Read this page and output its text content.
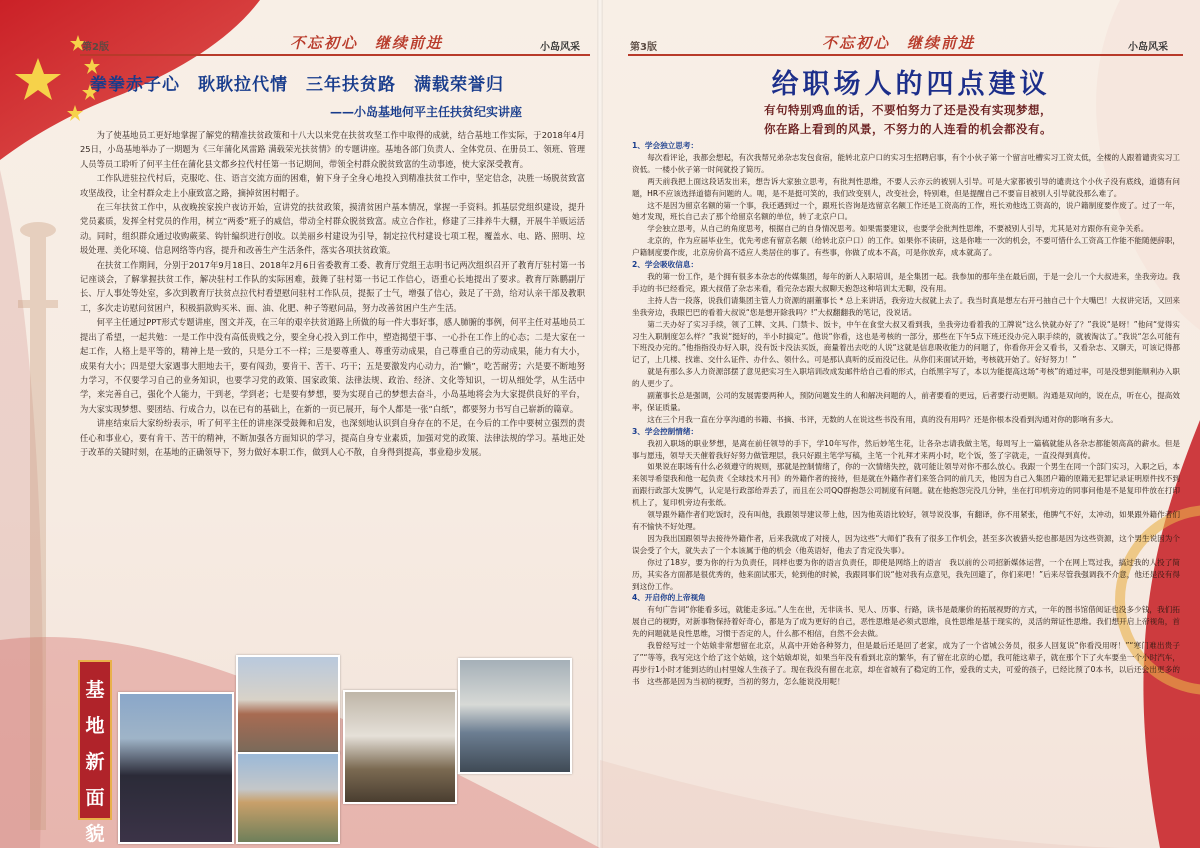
第2版	不忘初心　继续前进	小岛风采
拳拳赤子心　耿耿拉代情　三年扶贫路　满载荣誉归
——小岛基地何平主任扶贫纪实讲座

为了使基地员工更好地掌握了解党的精准扶贫政策和十八大以来党在扶贫攻坚工作中取得的成就，结合基地工作实际，于2018年4月25日，小岛基地举办了一期题为《三年蒲化风雷路 满载荣光扶贫情》的专题讲座。基地各部门负责人、全体党员、在册员工、领班、管理人员等员工聆听了何平主任在蒲化县文都乡拉代村任第一书记期间，带领全村群众脱贫致富的生动事迹，使大家深受教育。

工作队进驻拉代村后，克服吃、住、语言交流方面的困难，俯下身子全身心地投入到精准扶贫工作中，坚定信念，决胜一场脱贫致富攻坚战役，让全村群众走上小康致富之路，摘掉贫困村帽子。

在三年扶贫工作中，从夜晚挨家挨户夜访开始，宣讲党的扶贫政策，摸清贫困户基本情况，掌握一手资料。抓基层党组织建设，提升党员素质，发挥全村党员的作用，树立“两委”班子的威信，带动全村群众脱贫致富。成立合作社，修建了三排养牛大棚，开展牛羊贩运活动。同时，组织群众通过收购蕨菜、钩针编织进行创收。以美丽乡村建设为引导，制定拉代村建设七项工程，覆盖水、电、路、照明、垃圾处理、美化环境、信息网络等内容，提升和改善生产生活条件，落实各项扶贫政策。

在扶贫工作期间，分别于2017年9月18日、2018年2月6日省委教育工委、教育厅党组王志明书记两次组织召开了教育厅驻村第一书记座谈会，了解掌握扶贫工作，解决驻村工作队的实际困难，鼓舞了驻村第一书记工作信心，语重心长地提出了要求。教育厅陈鹏副厅长、厅人事处等处室，多次到教育厅扶贫点拉代村看望慰问驻村工作队员，提振了士气，增强了信心，鼓足了干劲，给对认亲干部及教职工，多次走访慰问贫困户，积极捐款购买米、面、油、化肥、种子等慰问品，努力改善贫困户生产生活。

何平主任通过PPT形式专题讲座，图文并茂，在三年的艰辛扶贫道路上所做的每一件大事好事，感人肺腑的事例，何平主任对基地员工提出了希望，一起共勉：一是工作中没有高低贵贱之分，要全身心投入到工作中，塑造揭望干事、一心扑在工作上的心态；二是大家在一起工作，人格上是平等的，精神上是一致的，只是分工不一样；三是要尊重人、尊重劳动成果，自己尊重自己的劳动成果，能力有大小，成果有大小；四是望大家遇事大胆地去干，要有闯劲，要肯干、苦干、巧干；五是要激发内心动力，治“懒”，吃苦耐劳；六是要不断地努力学习，不仅要学习自己的业务知识，也要学习党的政策、国家政策、法律法规、政治、经济、文化等知识，一切从细处学，从生活中学，来完善自己，强化个人能力，干到老，学到老；七是要有梦想，要为实现自己的梦想去奋斗，小岛基地将会为大家提供良好的平台，为大家实现梦想、要团结、行成合力，以在已有的基础上，在新的一页已展开，每个人都是一张“白纸”，都要努力书写自己崭新的篇章。

讲座结束后大家纷纷表示，听了何平主任的讲座深受鼓舞和启发，也深刻地认识到自身存在的不足，在今后的工作中要树立强烈的责任心和事业心，要有肯干、苦干的精神，不断加强各方面知识的学习，提高自身专业素质，加强对党的政策、法律法规的学习。基地正处于改革的关键时刻，在基地的正确领导下，努力做好本职工作，做到人心不散，自身得到提高，事业稳步发展。

基地新面貌
第3版	不忘初心　继续前进	小岛风采
给职场人的四点建议
有句特别鸡血的话，不要怕努力了还是没有实现梦想，
你在路上看到的风景，不努力的人连看的机会都没有。

1、学会独立思考：

每次看评论，我都会想起，有次我帮兄弟杂志发包食宿，能转北京户口的实习生招聘启事，有个小伙子第一个留言吐槽实习工资太低，全楼的人跟着谴责实习工资低。一楼小伙子第一时间就投了简历。

两天前我把上面这段话发出来，想告诉大家独立思考，有批判性思维，不要人云亦云的被别人引导。可是大家都被引导的谴责这个小伙子没有底线，道德有问题，HR不应该选择道德有问题的人。呃，是不是挺可笑的，我们改变别人，改变社会，特别难，但是提醒自己不要盲目被别人引导就没那么难了。

这不是因为留京名额的第一个事，我还遇到过一个，跟班长咨询是选留京名额工作还是工资高的工作，班长劝他选工资高的，说户籍制度要作废了。过了一年，她才发现，班长自己去了那个给留京名额的单位，转了北京户口。

学会独立思考，从自己的角度思考，根据自己的自身情况思考。如果需要建议，也要学会批判性思维，不要被别人引导，尤其是对方跟你有竞争关系。

北京的，作为应届毕业生，优先考虑有留京名额（给转北京户口）的工作。如果你不读研，这是你唯一一次的机会，不要可惜什么工资高工作能不能随便辞职，户籍制度要作废，北京房价高不适应人类居住的事了。有些事，你做了成本不高，可是你放弃，成本就高了。

2、学会吸收信息：

我的第一份工作，是个拥有很多本杂志的传媒集团，每年的新人入职培训，是全集团一起。我参加的那年坐在最后面，于是一会儿一个大叔进来，坐我旁边。我手边的书已经看完，跟大叔借了杂志来看，看完杂志跟大叔聊天抱怨这种培训太无聊，没有用。

主持人告一段落，说我们请集团主管人力资源的副董事长 * 总上来讲话，我旁边大叔就上去了。我当时真是想左右开弓抽自己十个大嘴巴！大叔讲完话，又回来坐我旁边，我眼巴巴的看着大叔说“您是想开除我吗？!”大叔翻翻我的笔记，没说话。

第二天办好了实习手续，领了工牌、文具、门禁卡、饭卡，中午在食堂大叔又看到我，坐我旁边看着我的工牌说“这么快就办好了？”我说“是呀！”他问“觉得实习生入职制度怎么样？”我说“挺好的，半小时搞定”。他说“你看，这也是考核的一部分，那些在下午5点下班还没办完入职手续的，就被淘汰了。”我说“怎么可能有下班没办完的。”他指指没办好入职，没有饭卡没法买饭，商量着出去吃的人说“这就是信息吸收能力的问题了，你看你开会又看书，又看杂志、又聊天，可该记得都记了，上几楼、找谁、交什么证件、办什么、领什么。可是那认真听的反而没记住。从你们来面试开始，考核就开始了。好好努力！”

就是有那么多人力资源部摆了意见把实习生入职培训改成发邮件给自己看的形式，白纸黑字写了，本以为能提高这场“考核”的通过率，可是没想到能顺利办入职的人更少了。

副董事长总是强调，公司的发展需要两种人，预防问题发生的人和解决问题的人，前者要看的更远，后者要行动更顺。沟通是双向的，说在点，听在心，提高效率，保证质量。

这在三个月我一直在分享沟通的书籍、书摘、书评，无数的人在说这些书没有用，真的没有用吗？还是你根本没看到沟通对你的影响有多大。

3、学会控制情绪：

我初入职场的职业梦想，是离在前任领导的手下，学10年写作，然后妙笔生花，让各杂志请我做主笔，每周写上一篇稿就能从各杂志都能领高高的薪水。但是事与愿违，领导天天催着我好好努力做管理层，我只好跟主笔学写稿，主笔一个礼拜才来两小时，吃个饭，签了字就走，一直没得到真传。

如果说在职场有什么必须遵守的规则，那就是控制情绪了，你的一次情绪失控，就可能让领导对你不那么放心。我跟一个男生在同一个部门实习，入职之后，本来领导希望我和他一起负责《全球技术月刊》的外籍作者的接待，但是就在外籍作者们来签合同的前几天，他因为自己入集团户籍的原籍无犯罪记录证明原件找不到而跟行政部大发脾气，认定是行政部给弄丢了，而且在公司QQ群抱怨公司制度有问题。就在他抱怨完没几分钟，坐在打印机旁边的同事问他是不是复印件放在打印机上了，复印机旁边有张纸。

领导跟外籍作者们吃饭时，没有叫他，我跟领导建议带上他，因为他英语比较好，领导说没事，有翻译，你不用紧张，他脾气不好，太冲动，如果跟外籍作者们有不愉快不好处理。

因为我出国跟领导去接待外籍作者，后来我就成了对接人，因为这些“大师们”我有了很多工作机会，甚至多次被猎头挖也都是因为这些资源，这个男生说因为个误会受了个大，就失去了一个本该属于他的机会（他英语好，他去了肯定没失事）。

你过了18岁，要为你的行为负责任，同样也要为你的语言负责任，即使是网络上的语言　我以前的公司招新媒体运营，一个在网上骂过我，搞过我的人投了简历，其实各方面都是很优秀的，他来面试那天，轮到他的时候，我跟同事们说“他对我有点意见，我先回避了，你们来吧！”后来尽管我强调我不介意，他还是没有得到这份工作。

4、开启你的上帝视角

有句广告词“你能看多远，就能走多远。”人生在世，无非读书、见人、历事、行路，读书是最廉价的拓展视野的方式，一年的图书馆借阅证也没多少钱，我们拓展自己的视野，对新事物保持着好奇心，都是为了成为更好的自己，恶性思维是必须式思维，良性思维是基于现实的，灵活的辩证性思维。我们想开启上帝视角，首先的问题就是良性思维，习惯于否定的人，什么都不相信，自然不会去做。

我曾经写过一个姑娘非常想留在北京，从高中开始各种努力，但是最后还是回了老家，成为了一个省城公务员，很多人回复说“你看没用呀！”“寒门难出贵子了”“等等，我写完这个给了这个姑娘，这个姑娘却说，如果当年没有看到北京的繁华，有了留在北京的心愿，我可能这辈子，就在那个下了火车要坐一个小时汽车，再步行1小时才能到达的山村里嫁人生孩子了。现在我没有留在北京，却在省城有了稳定的工作，爱我的丈夫，可爱的孩子，已经比预了0本书，以后还会出更多的书　这些都是因为当初的视野，当初的努力，怎么能说没用呢！
